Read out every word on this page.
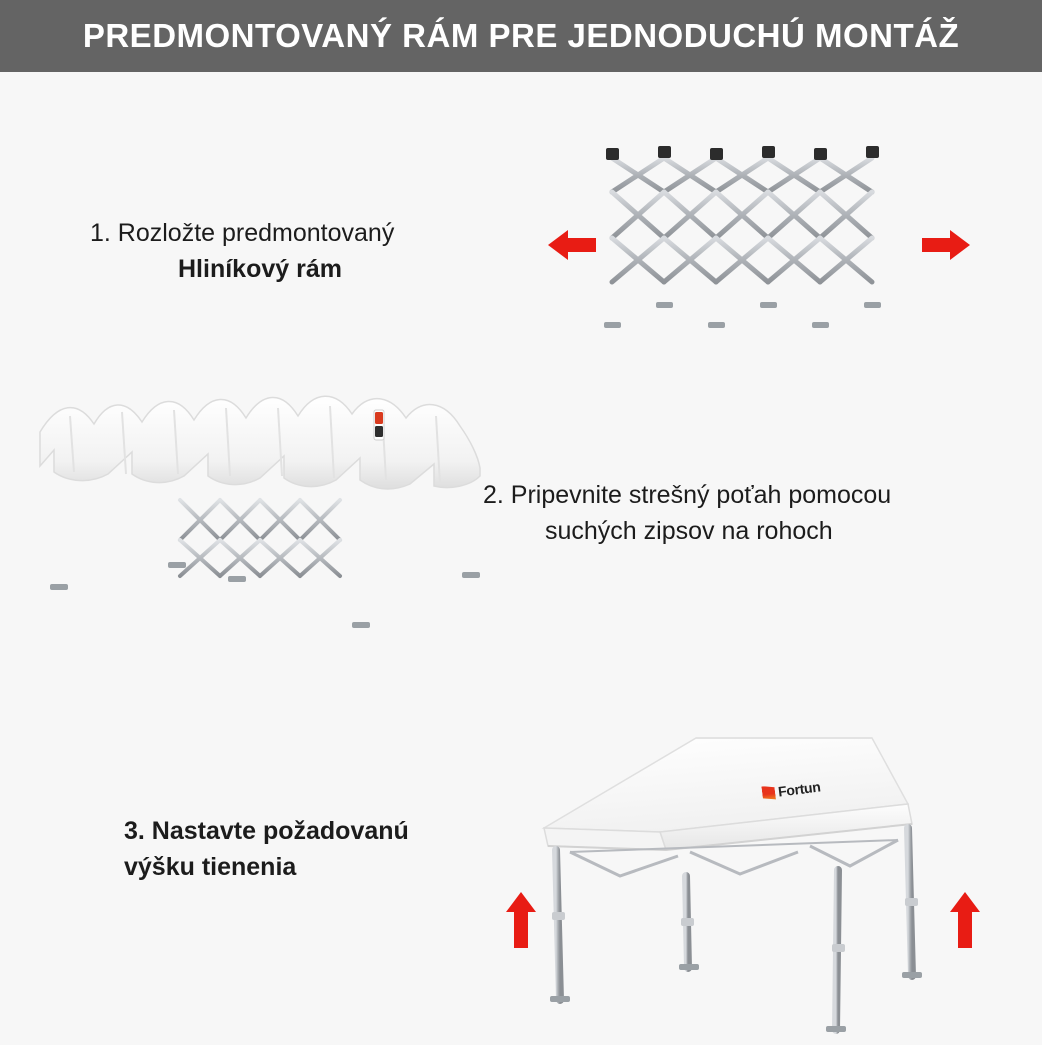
PREDMONTOVANÝ RÁM PRE JEDNODUCHÚ MONTÁŽ
1. Rozložte predmontovaný
Hliníkový rám
2. Pripevnite strešný poťah pomocou
suchých zipsov na rohoch
Fortun
3. Nastavte požadovanú
výšku tienenia
